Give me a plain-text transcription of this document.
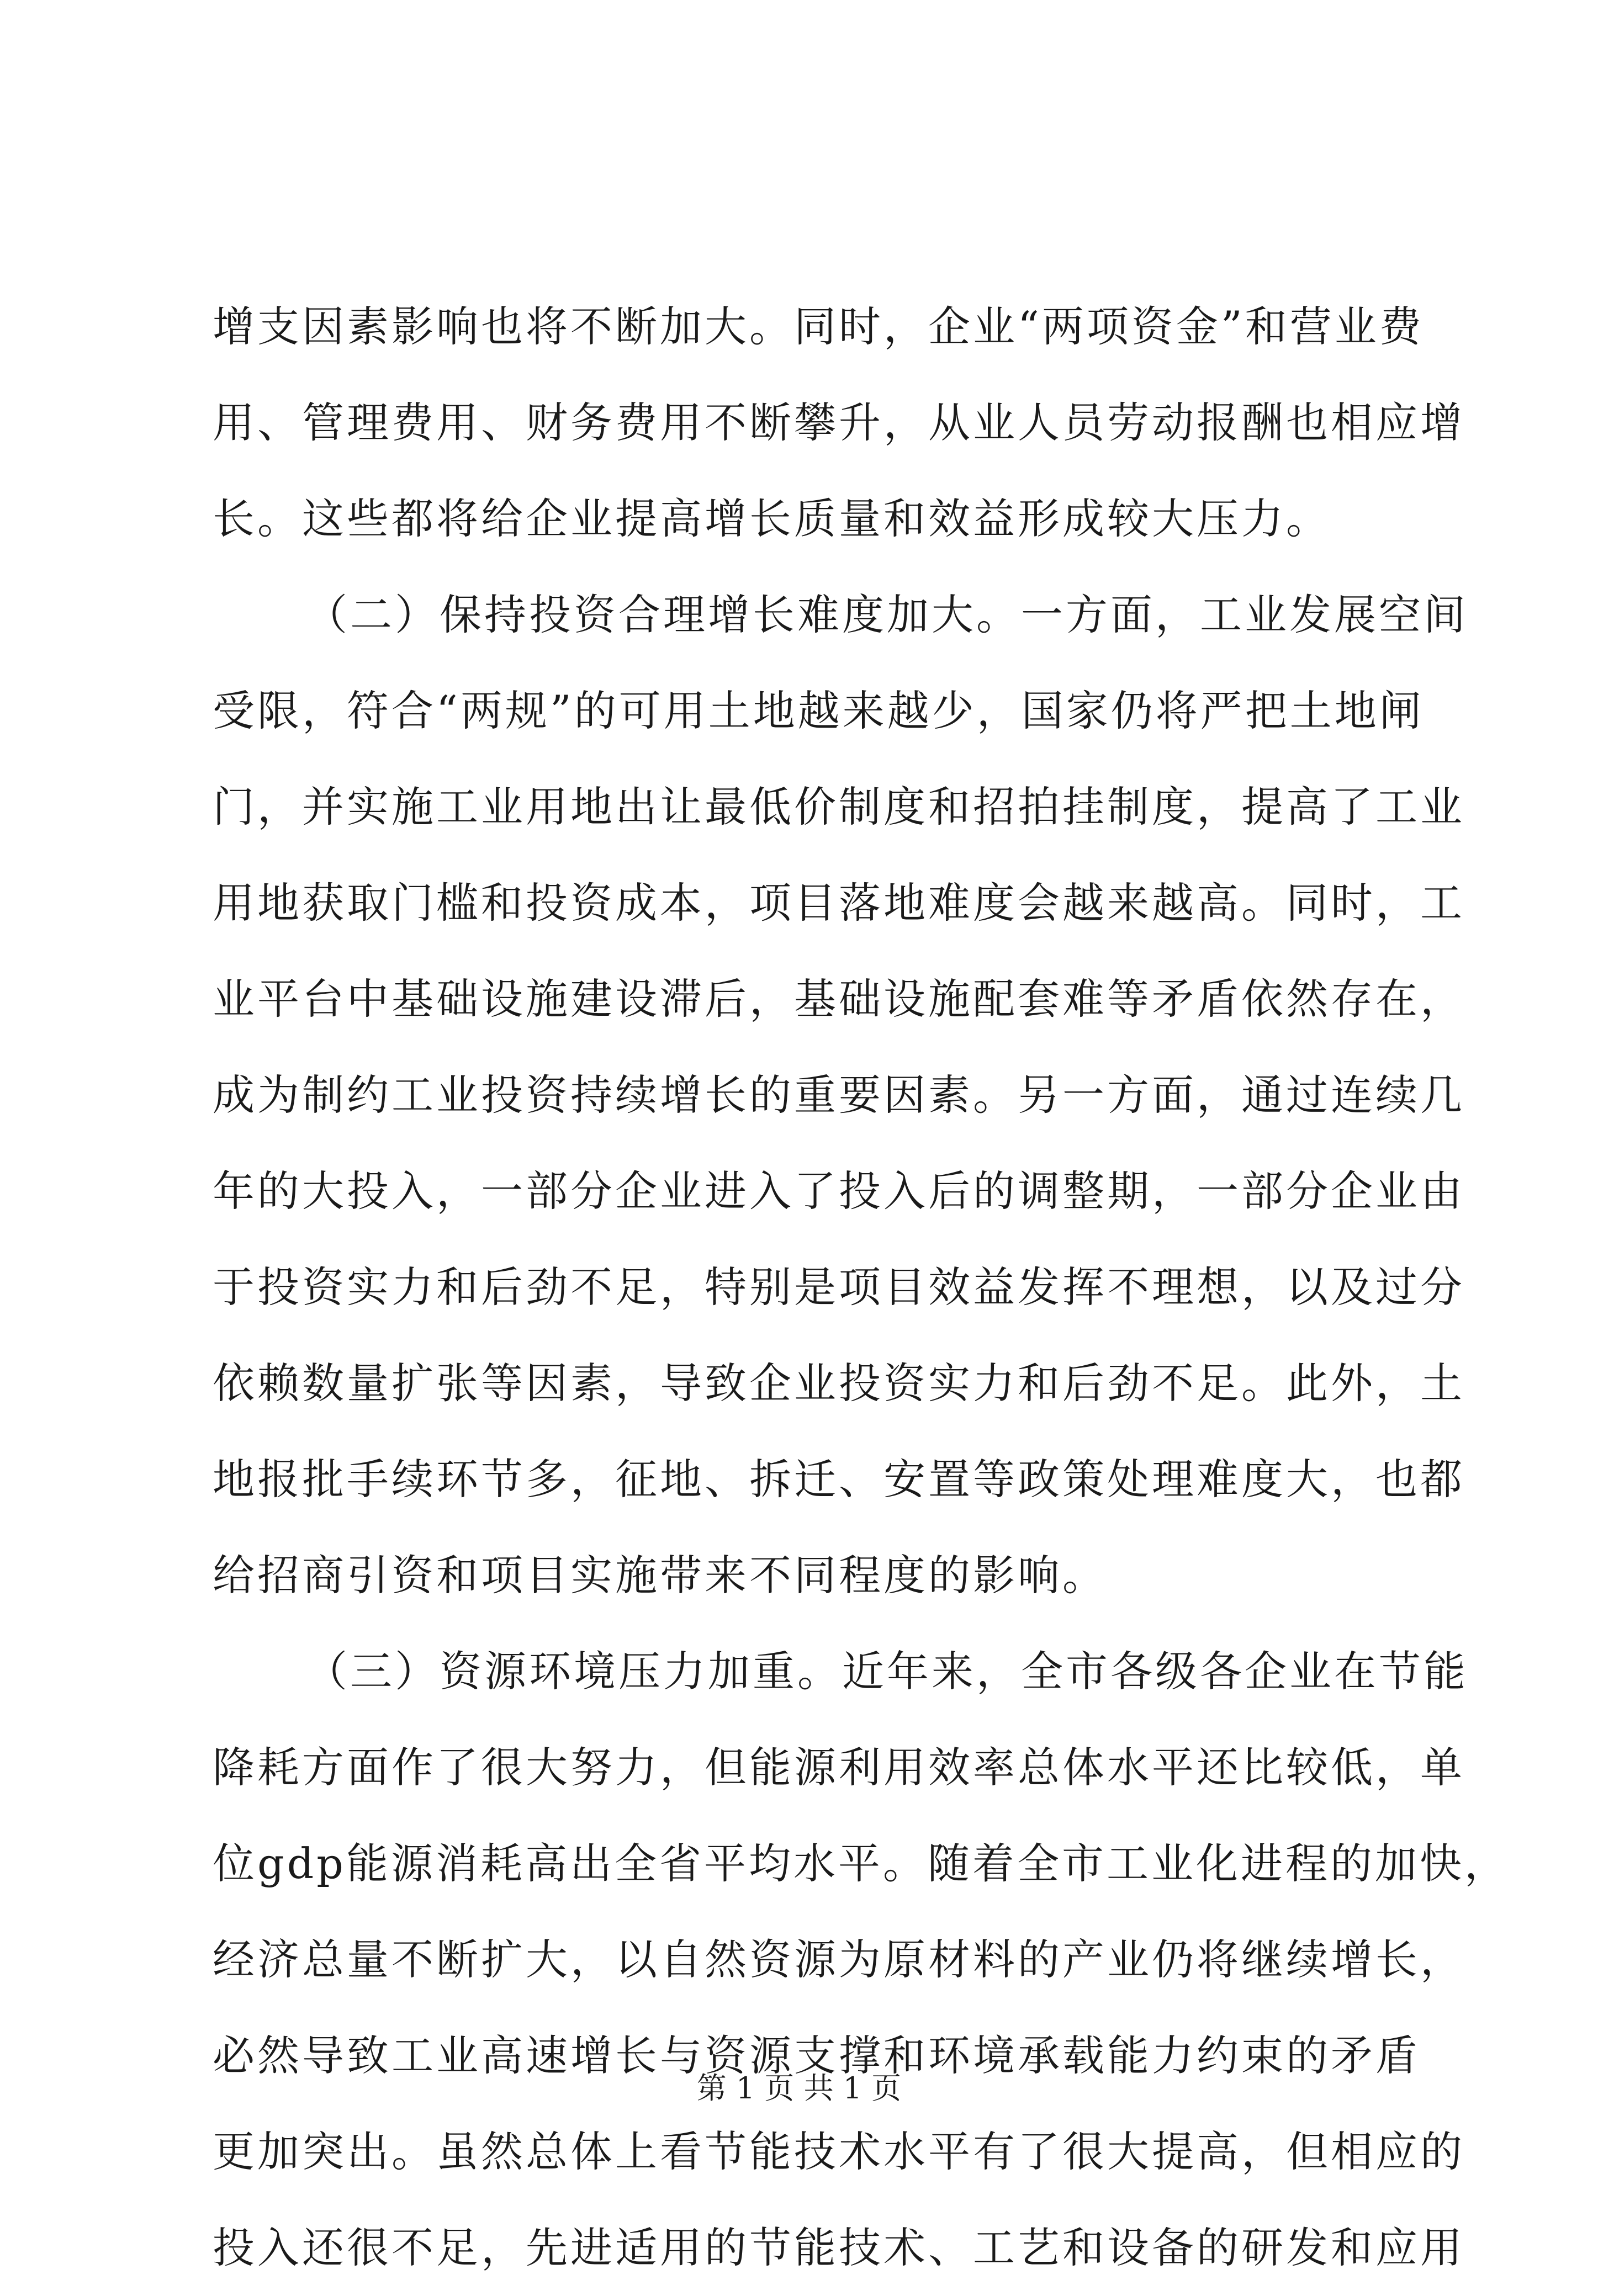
增支因素影响也将不断加大。同时，企业“两项资金”和营业费
用、管理费用、财务费用不断攀升，从业人员劳动报酬也相应增
长。这些都将给企业提高增长质量和效益形成较大压力。
（二）保持投资合理增长难度加大。一方面，工业发展空间
受限，符合“两规”的可用土地越来越少，国家仍将严把土地闸
门，并实施工业用地出让最低价制度和招拍挂制度，提高了工业
用地获取门槛和投资成本，项目落地难度会越来越高。同时，工
业平台中基础设施建设滞后，基础设施配套难等矛盾依然存在，
成为制约工业投资持续增长的重要因素。另一方面，通过连续几
年的大投入，一部分企业进入了投入后的调整期，一部分企业由
于投资实力和后劲不足，特别是项目效益发挥不理想，以及过分
依赖数量扩张等因素，导致企业投资实力和后劲不足。此外，土
地报批手续环节多，征地、拆迁、安置等政策处理难度大，也都
给招商引资和项目实施带来不同程度的影响。
（三）资源环境压力加重。近年来，全市各级各企业在节能
降耗方面作了很大努力，但能源利用效率总体水平还比较低，单
位gdp能源消耗高出全省平均水平。随着全市工业化进程的加快，
经济总量不断扩大，以自然资源为原材料的产业仍将继续增长，
必然导致工业高速增长与资源支撑和环境承载能力约束的矛盾
更加突出。虽然总体上看节能技术水平有了很大提高，但相应的
投入还很不足，先进适用的节能技术、工艺和设备的研发和应用
第 1 页 共 1 页
